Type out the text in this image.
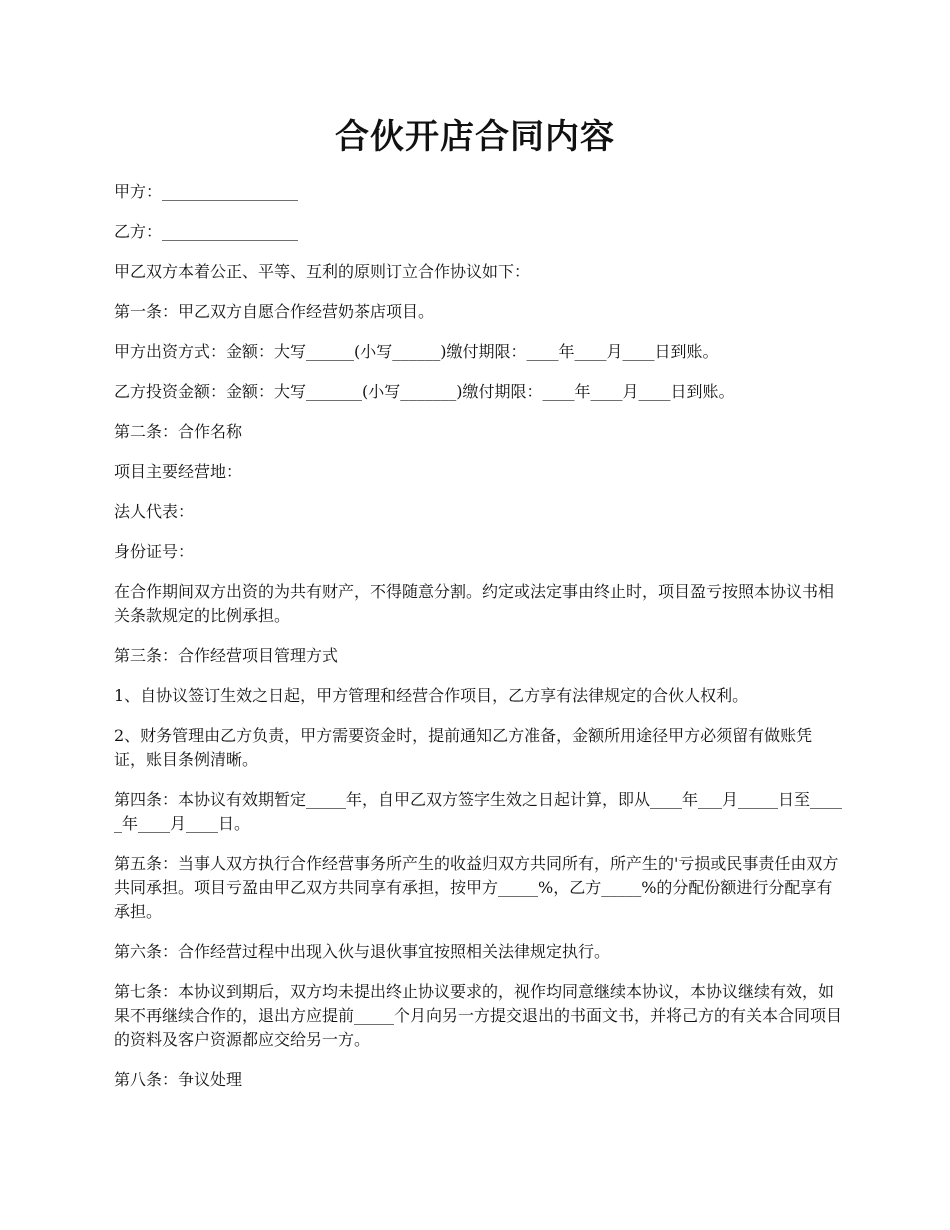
合伙开店合同内容

甲方：_________________

乙方：_________________

甲乙双方本着公正、平等、互利的原则订立合作协议如下：

第一条：甲乙双方自愿合作经营奶茶店项目。

甲方出资方式：金额：大写______(小写______)缴付期限：____年____月____日到账。

乙方投资金额：金额：大写_______(小写_______)缴付期限：____年____月____日到账。

第二条：合作名称

项目主要经营地：

法人代表：

身份证号：

在合作期间双方出资的为共有财产，不得随意分割。约定或法定事由终止时，项目盈亏按照本协议书相关条款规定的比例承担。

第三条：合作经营项目管理方式

1、自协议签订生效之日起，甲方管理和经营合作项目，乙方享有法律规定的合伙人权利。

2、财务管理由乙方负责，甲方需要资金时，提前通知乙方准备，金额所用途径甲方必须留有做账凭证，账目条例清晰。

第四条：本协议有效期暂定_____年，自甲乙双方签字生效之日起计算，即从____年___月_____日至_____年____月____日。

第五条：当事人双方执行合作经营事务所产生的收益归双方共同所有，所产生的'亏损或民事责任由双方共同承担。项目亏盈由甲乙双方共同享有承担，按甲方_____%，乙方_____%的分配份额进行分配享有承担。

第六条：合作经营过程中出现入伙与退伙事宜按照相关法律规定执行。

第七条：本协议到期后，双方均未提出终止协议要求的，视作均同意继续本协议，本协议继续有效，如果不再继续合作的，退出方应提前_____个月向另一方提交退出的书面文书，并将己方的有关本合同项目的资料及客户资源都应交给另一方。

第八条：争议处理
